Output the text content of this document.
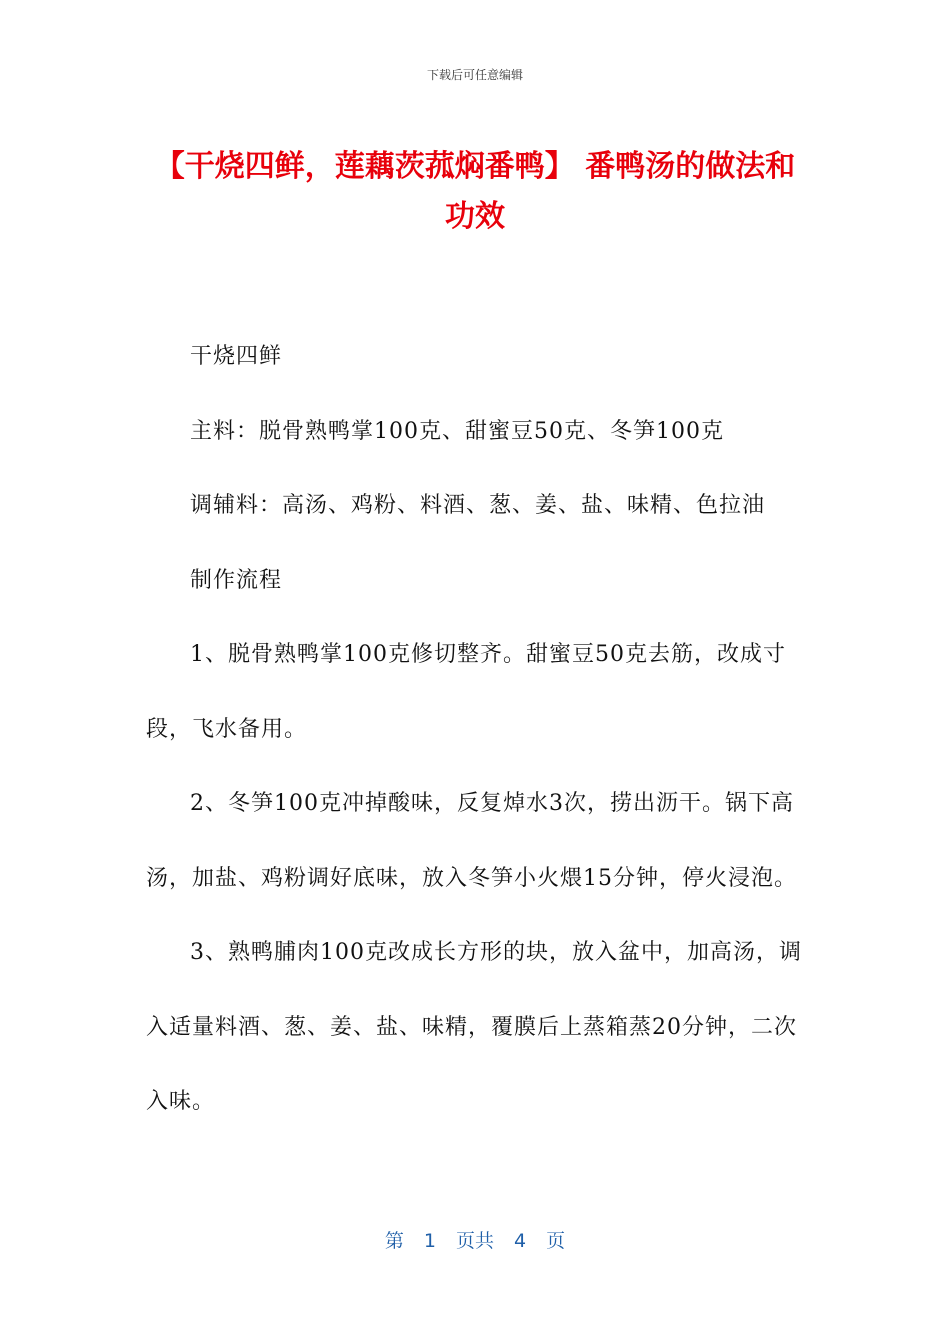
下载后可任意编辑
【干烧四鲜，莲藕茨菰焖番鸭】 番鸭汤的做法和功效

干烧四鲜

主料：脱骨熟鸭掌100克、甜蜜豆50克、冬笋100克

调辅料：高汤、鸡粉、料酒、葱、姜、盐、味精、色拉油

制作流程

1、脱骨熟鸭掌100克修切整齐。甜蜜豆50克去筋，改成寸段，飞水备用。

2、冬笋100克冲掉酸味，反复焯水3次，捞出沥干。锅下高汤，加盐、鸡粉调好底味，放入冬笋小火煨15分钟，停火浸泡。

3、熟鸭脯肉100克改成长方形的块，放入盆中，加高汤，调入适量料酒、葱、姜、盐、味精，覆膜后上蒸箱蒸20分钟，二次入味。

第 1 页共 4 页
